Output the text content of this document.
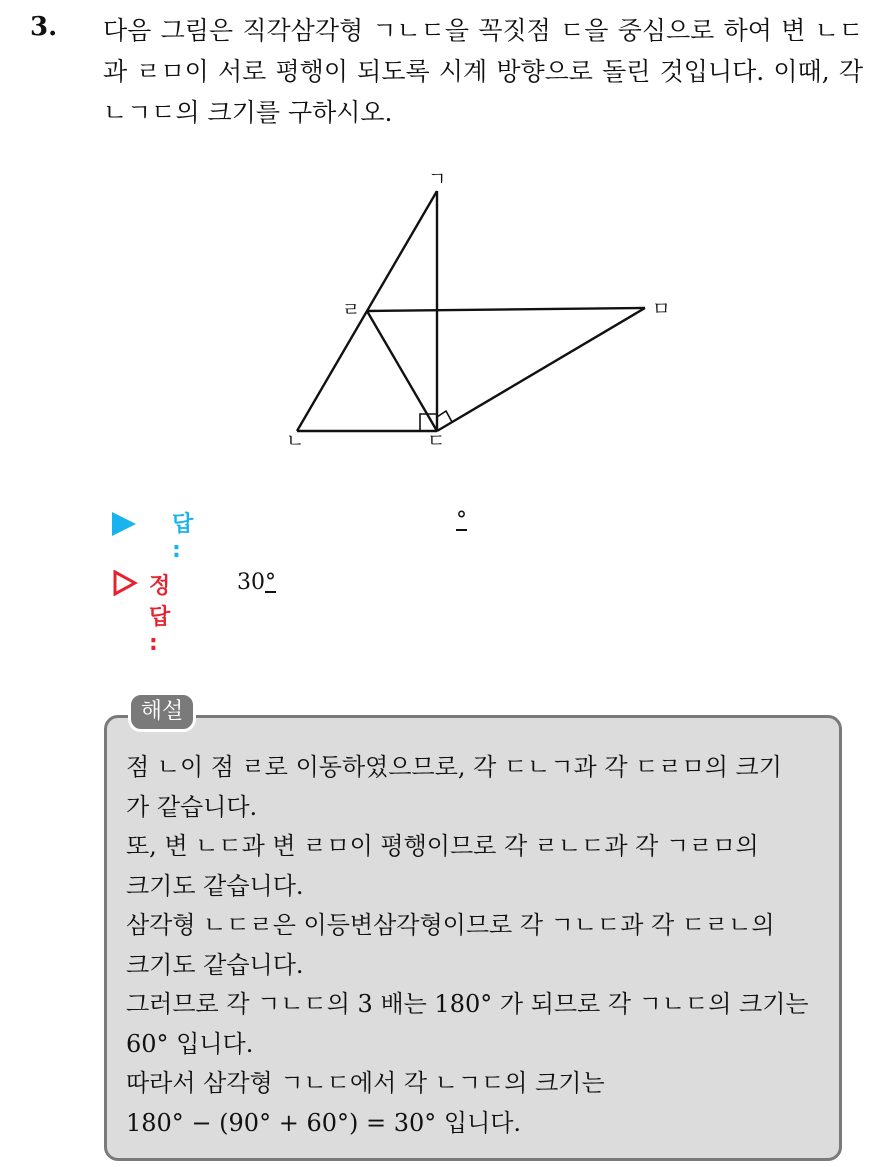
3. 다음 그림은 직각삼각형 ㄱㄴㄷ을 꼭짓점 ㄷ을 중심으로 하여 변 ㄴㄷ과 ㄹㅁ이 서로 평행이 되도록 시계 방향으로 돌린 것입니다. 이때, 각 ㄴㄱㄷ의 크기를 구하시오.
ㄱ
ㄹ	ㅁ
ㄴ	ㄷ
답 :
°
정답 :
30°
해설
점 ㄴ이 점 ㄹ로 이동하였으므로, 각 ㄷㄴㄱ과 각 ㄷㄹㅁ의 크기
가 같습니다.
또, 변 ㄴㄷ과 변 ㄹㅁ이 평행이므로 각 ㄹㄴㄷ과 각 ㄱㄹㅁ의
크기도 같습니다.
삼각형 ㄴㄷㄹ은 이등변삼각형이므로 각 ㄱㄴㄷ과 각 ㄷㄹㄴ의
크기도 같습니다.
그러므로 각 ㄱㄴㄷ의 3 배는 180° 가 되므로 각 ㄱㄴㄷ의 크기는
60° 입니다.
따라서 삼각형 ㄱㄴㄷ에서 각 ㄴㄱㄷ의 크기는
180° − (90° + 60°) = 30° 입니다.
